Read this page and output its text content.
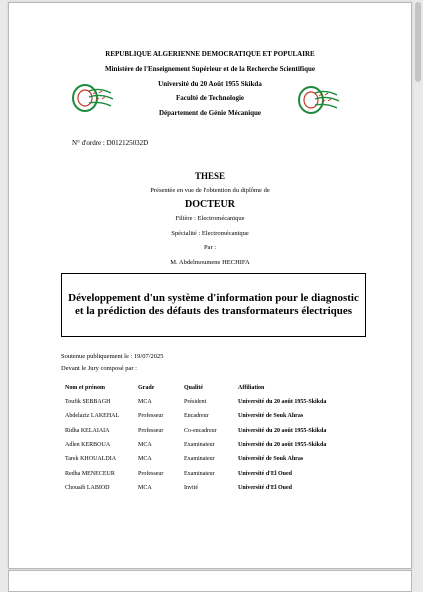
REPUBLIQUE ALGERIENNE DEMOCRATIQUE ET POPULAIRE
Ministère de l'Enseignement Supérieur et de la Recherche Scientifique
Université du 20 Août 1955 Skikda
Faculté de Technologie
Département de Génie Mécanique
N° d'ordre : D012125032D
THESE
Présentée en vue de l'obtention du diplôme de
DOCTEUR
Filière : Electromécanique
Spécialité : Electromécanique
Par :
M. Abdelmoumene HECHIFA
Développement d'un système d'information pour le diagnostic et la prédiction des défauts des transformateurs électriques
Soutenue publiquement le : 19/07/2025
Devant le Jury composé par :
Nom et prénom	Grade	Qualité	Affiliation
Toufik SEBBAGH	MCA	Président	Université du 20 août 1955-Skikda
Abdelaziz LAKEHAL	Professeur	Encadreur	Université de Souk Ahras
Ridha KELAIAIA	Professeur	Co-encadreur	Université du 20 août 1955-Skikda
Adlen KERBOUA	MCA	Examinateur	Université du 20 août 1955-Skikda
Tarek KHOUALDIA	MCA	Examinateur	Université de Souk Ahras
Redha MENECEUR	Professeur	Examinateur	Université d'El Oued
Chouaib LABIOD	MCA	Invité	Université d'El Oued
